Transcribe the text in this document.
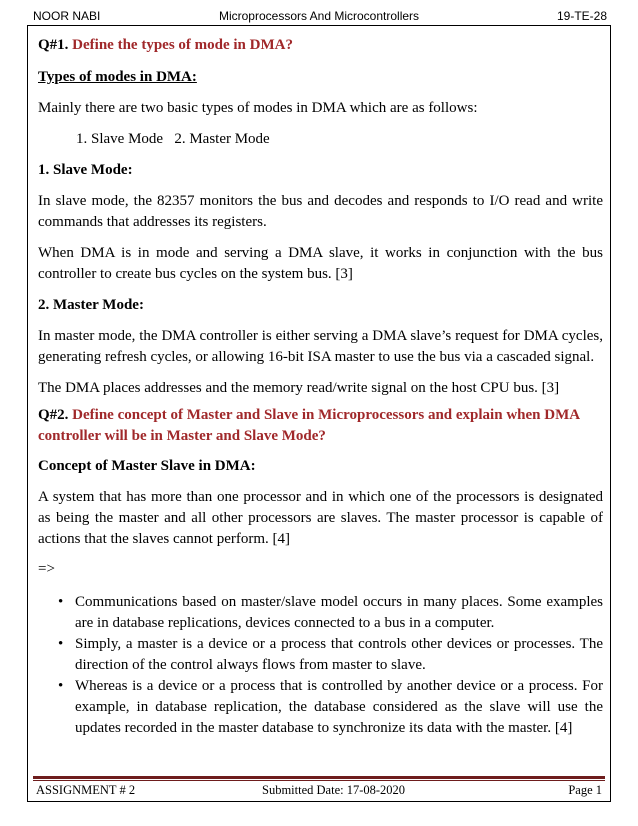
NOOR NABI	Microprocessors And Microcontrollers	19-TE-28

Q#1. Define the types of mode in DMA?

Types of modes in DMA:

Mainly there are two basic types of modes in DMA which are as follows:

1. Slave Mode   2. Master Mode

1. Slave Mode:

In slave mode, the 82357 monitors the bus and decodes and responds to I/O read and write commands that addresses its registers.

When DMA is in mode and serving a DMA slave, it works in conjunction with the bus controller to create bus cycles on the system bus. [3]

2. Master Mode:

In master mode, the DMA controller is either serving a DMA slave’s request for DMA cycles, generating refresh cycles, or allowing 16-bit ISA master to use the bus via a cascaded signal.

The DMA places addresses and the memory read/write signal on the host CPU bus. [3]

Q#2. Define concept of Master and Slave in Microprocessors and explain when DMA controller will be in Master and Slave Mode?

Concept of Master Slave in DMA:

A system that has more than one processor and in which one of the processors is designated as being the master and all other processors are slaves. The master processor is capable of actions that the slaves cannot perform. [4]

=>

• Communications based on master/slave model occurs in many places. Some examples are in database replications, devices connected to a bus in a computer.
• Simply, a master is a device or a process that controls other devices or processes. The direction of the control always flows from master to slave.
• Whereas is a device or a process that is controlled by another device or a process. For example, in database replication, the database considered as the slave will use the updates recorded in the master database to synchronize its data with the master. [4]
ASSIGNMENT # 2	Submitted Date: 17-08-2020	Page 1
